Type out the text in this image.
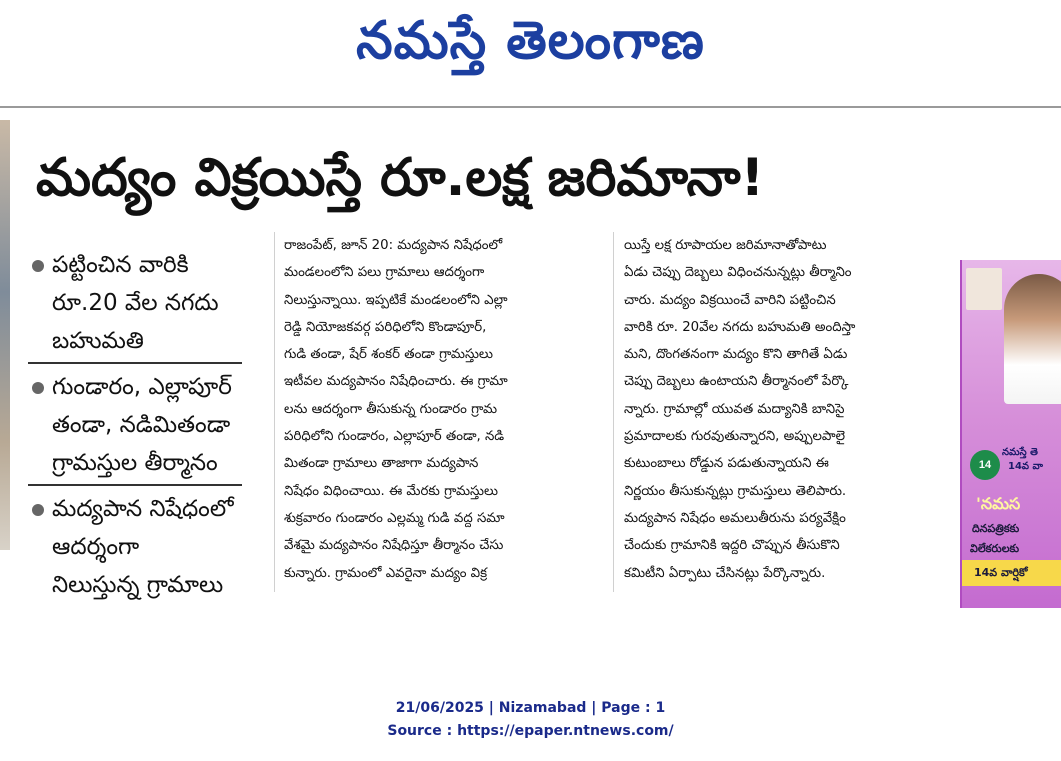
నమస్తే తెలంగాణ
మద్యం విక్రయిస్తే రూ.లక్ష జరిమానా!
పట్టించిన వారికి
రూ.20 వేల నగదు
బహుమతి
గుండారం, ఎల్లాపూర్
తండా, నడిమితండా
గ్రామస్తుల తీర్మానం
మద్యపాన నిషేధంలో
ఆదర్శంగా
నిలుస్తున్న గ్రామాలు
రాజంపేట్, జూన్ 20: మద్యపాన నిషేధంలో
మండలంలోని పలు గ్రామాలు ఆదర్శంగా
నిలుస్తున్నాయి. ఇప్పటికే మండలంలోని ఎల్లా
రెడ్డి నియోజకవర్గ పరిధిలోని కొండాపూర్,
గుడి తండా, షేర్ శంకర్ తండా గ్రామస్తులు
ఇటీవల మద్యపానం నిషేధించారు. ఈ గ్రామా
లను ఆదర్శంగా తీసుకున్న గుండారం గ్రామ
పరిధిలోని గుండారం, ఎల్లాపూర్ తండా, నడి
మితండా గ్రామాలు తాజాగా మద్యపాన
నిషేధం విధించాయి. ఈ మేరకు గ్రామస్తులు
శుక్రవారం గుండారం ఎల్లమ్మ గుడి వద్ద సమా
వేశమై మద్యపానం నిషేధిస్తూ తీర్మానం చేసు
కున్నారు. గ్రామంలో ఎవరైనా మద్యం విక్ర
యిస్తే లక్ష రూపాయల జరిమానాతోపాటు
ఏడు చెప్పు దెబ్బలు విధించనున్నట్లు తీర్మానిం
చారు. మద్యం విక్రయించే వారిని పట్టించిన
వారికి రూ. 20వేల నగదు బహుమతి అందిస్తా
మని, దొంగతనంగా మద్యం కొని తాగితే ఏడు
చెప్పు దెబ్బలు ఉంటాయని తీర్మానంలో పేర్కొ
న్నారు. గ్రామాల్లో యువత మద్యానికి బానిసై
ప్రమాదాలకు గురవుతున్నారని, అప్పులపాలై
కుటుంబాలు రోడ్డున పడుతున్నాయని ఈ
నిర్ణయం తీసుకున్నట్లు గ్రామస్తులు తెలిపారు.
మద్యపాన నిషేధం అమలుతీరును పర్యవేక్షిం
చేందుకు గ్రామానికి ఇద్దరి చొప్పున తీసుకొని
కమిటీని ఏర్పాటు చేసినట్లు పేర్కొన్నారు.
14
నమస్తే తె
14వ వా
'నమస
దినపత్రికకు
విలేకరులకు
14వ వార్షికో
21/06/2025 | Nizamabad | Page : 1
Source : https://epaper.ntnews.com/
